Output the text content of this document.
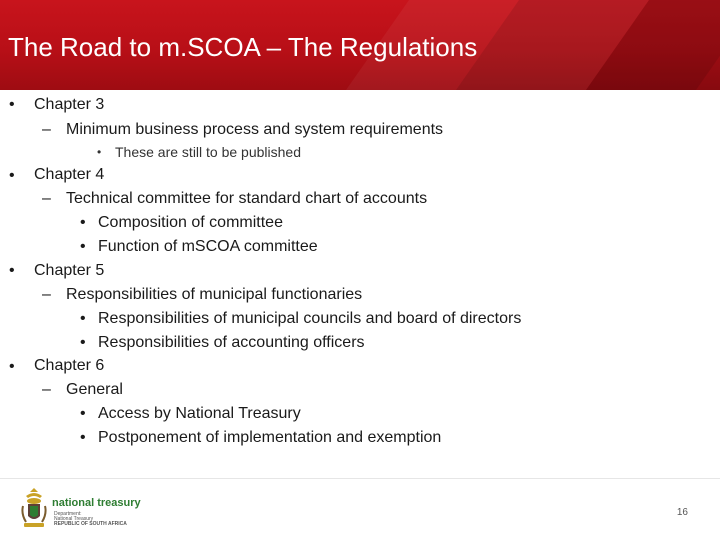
The Road to m.SCOA – The Regulations
• Chapter 3
– Minimum business process and system requirements
• These are still to be published
• Chapter 4
– Technical committee for standard chart of accounts
• Composition of committee
• Function of mSCOA committee
• Chapter 5
– Responsibilities of municipal functionaries
• Responsibilities of municipal councils and board of directors
• Responsibilities of accounting officers
• Chapter 6
– General
• Access by National Treasury
• Postponement of implementation and exemption
national treasury
Department:
National Treasury
REPUBLIC OF SOUTH AFRICA
16
